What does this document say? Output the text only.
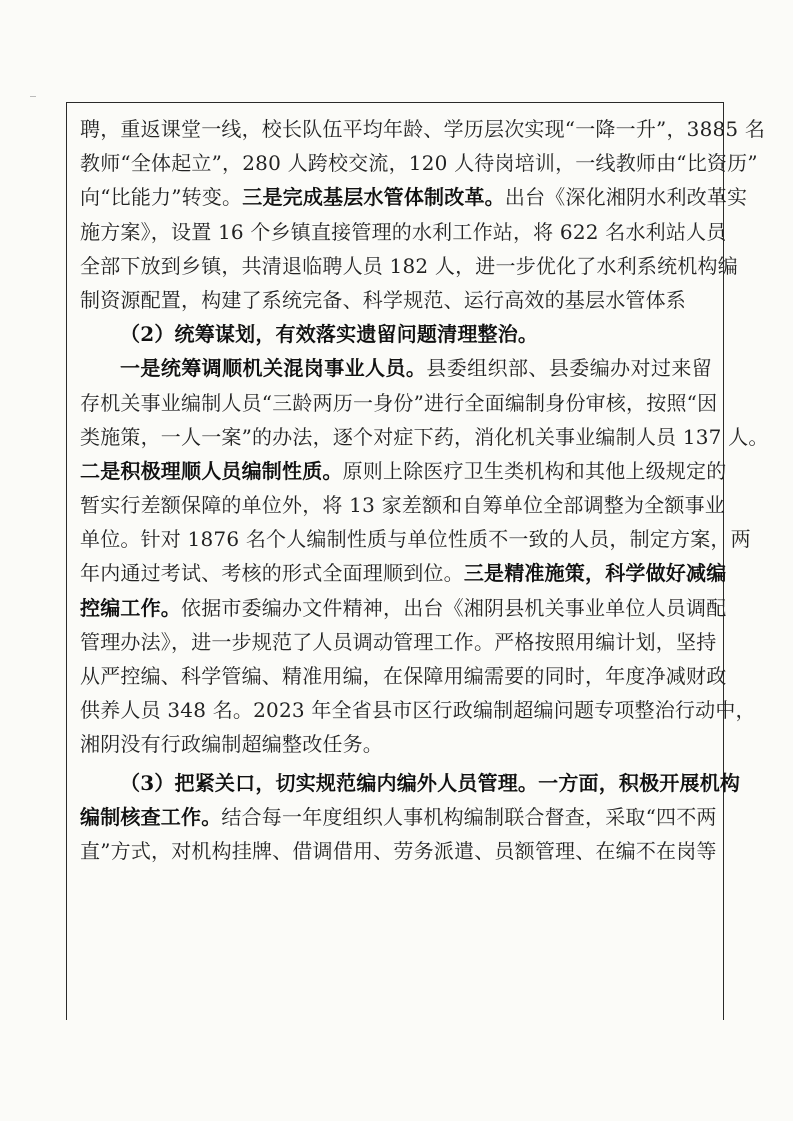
聘，重返课堂一线，校长队伍平均年龄、学历层次实现“一降一升”，3885 名
教师“全体起立”，280 人跨校交流，120 人待岗培训，一线教师由“比资历”
向“比能力”转变。三是完成基层水管体制改革。出台《深化湘阴水利改革实
施方案》，设置 16 个乡镇直接管理的水利工作站，将 622 名水利站人员
全部下放到乡镇，共清退临聘人员 182 人，进一步优化了水利系统机构编
制资源配置，构建了系统完备、科学规范、运行高效的基层水管体系
（2）统筹谋划，有效落实遗留问题清理整治。
一是统筹调顺机关混岗事业人员。县委组织部、县委编办对过来留
存机关事业编制人员“三龄两历一身份”进行全面编制身份审核，按照“因
类施策，一人一案”的办法，逐个对症下药，消化机关事业编制人员 137 人。
二是积极理顺人员编制性质。原则上除医疗卫生类机构和其他上级规定的
暂实行差额保障的单位外，将 13 家差额和自筹单位全部调整为全额事业
单位。针对 1876 名个人编制性质与单位性质不一致的人员，制定方案，两
年内通过考试、考核的形式全面理顺到位。三是精准施策，科学做好减编
控编工作。依据市委编办文件精神，出台《湘阴县机关事业单位人员调配
管理办法》，进一步规范了人员调动管理工作。严格按照用编计划，坚持
从严控编、科学管编、精准用编，在保障用编需要的同时，年度净减财政
供养人员 348 名。2023 年全省县市区行政编制超编问题专项整治行动中，
湘阴没有行政编制超编整改任务。
（3）把紧关口，切实规范编内编外人员管理。一方面，积极开展机构
编制核查工作。结合每一年度组织人事机构编制联合督查，采取“四不两
直”方式，对机构挂牌、借调借用、劳务派遣、员额管理、在编不在岗等
